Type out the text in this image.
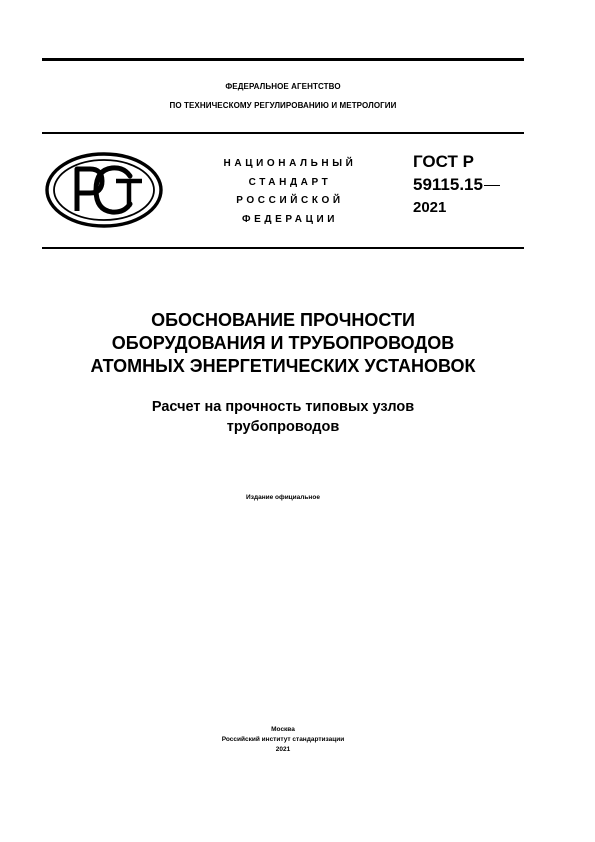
ФЕДЕРАЛЬНОЕ АГЕНТСТВО
ПО ТЕХНИЧЕСКОМУ РЕГУЛИРОВАНИЮ И МЕТРОЛОГИИ
НАЦИОНАЛЬНЫЙ
СТАНДАРТ
РОССИЙСКОЙ
ФЕДЕРАЦИИ
ГОСТ Р
59115.15
2021
ОБОСНОВАНИЕ ПРОЧНОСТИ
ОБОРУДОВАНИЯ И ТРУБОПРОВОДОВ
АТОМНЫХ ЭНЕРГЕТИЧЕСКИХ УСТАНОВОК
Расчет на прочность типовых узлов
трубопроводов
Издание официальное
Москва
Российский институт стандартизации
2021
